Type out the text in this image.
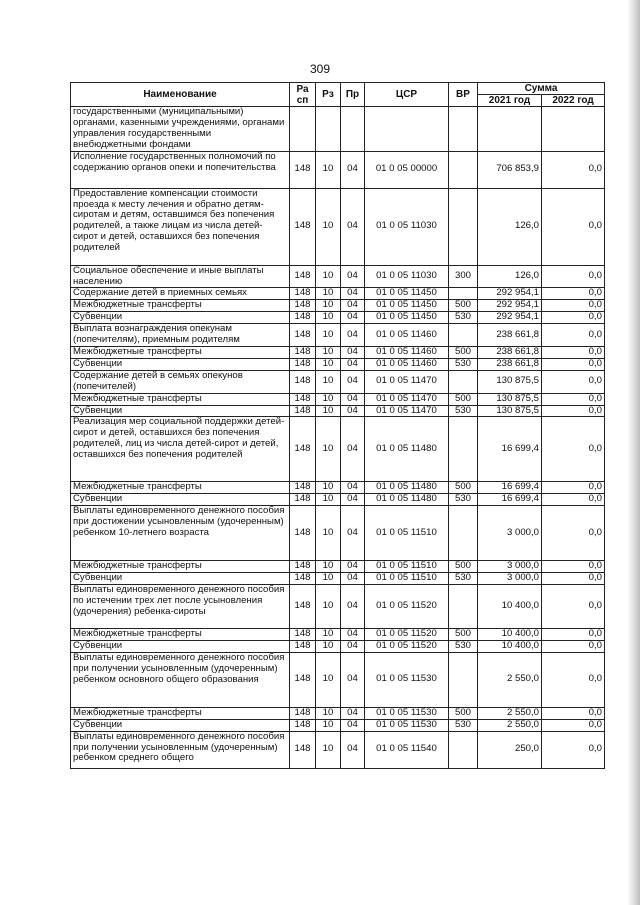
309
Наименование	Ра сп	Рз	Пр	ЦСР	ВР	Сумма	
						2021 год	2022 год
государственными (муниципальными) органами, казенными учреждениями, органами управления государственными внебюджетными фондами							
Исполнение государственных полномочий по содержанию органов опеки и попечительства	148	10	04	01 0 05 00000		706 853,9	0,0
Предоставление компенсации стоимости проезда к месту лечения и обратно детям-сиротам и детям, оставшимся без попечения родителей, а также лицам из числа детей-сирот и детей, оставшихся без попечения родителей	148	10	04	01 0 05 11030		126,0	0,0
Социальное обеспечение и иные выплаты населению	148	10	04	01 0 05 11030	300	126,0	0,0
Содержание детей в приемных семьях	148	10	04	01 0 05 11450		292 954,1	0,0
Межбюджетные трансферты	148	10	04	01 0 05 11450	500	292 954,1	0,0
Субвенции	148	10	04	01 0 05 11450	530	292 954,1	0,0
Выплата вознаграждения опекунам (попечителям), приемным родителям	148	10	04	01 0 05 11460		238 661,8	0,0
Межбюджетные трансферты	148	10	04	01 0 05 11460	500	238 661,8	0,0
Субвенции	148	10	04	01 0 05 11460	530	238 661,8	0,0
Содержание детей в семьях опекунов (попечителей)	148	10	04	01 0 05 11470		130 875,5	0,0
Межбюджетные трансферты	148	10	04	01 0 05 11470	500	130 875,5	0,0
Субвенции	148	10	04	01 0 05 11470	530	130 875,5	0,0
Реализация мер социальной поддержки детей-сирот и детей, оставшихся без попечения родителей, лиц из числа детей-сирот и детей, оставшихся без попечения родителей	148	10	04	01 0 05 11480		16 699,4	0,0
Межбюджетные трансферты	148	10	04	01 0 05 11480	500	16 699,4	0,0
Субвенции	148	10	04	01 0 05 11480	530	16 699,4	0,0
Выплаты единовременного денежного пособия при достижении усыновленным (удочеренным) ребенком 10-летнего возраста	148	10	04	01 0 05 11510		3 000,0	0,0
Межбюджетные трансферты	148	10	04	01 0 05 11510	500	3 000,0	0,0
Субвенции	148	10	04	01 0 05 11510	530	3 000,0	0,0
Выплаты единовременного денежного пособия по истечении трех лет после усыновления (удочерения) ребенка-сироты	148	10	04	01 0 05 11520		10 400,0	0,0
Межбюджетные трансферты	148	10	04	01 0 05 11520	500	10 400,0	0,0
Субвенции	148	10	04	01 0 05 11520	530	10 400,0	0,0
Выплаты единовременного денежного пособия при получении усыновленным (удочеренным) ребенком основного общего образования	148	10	04	01 0 05 11530		2 550,0	0,0
Межбюджетные трансферты	148	10	04	01 0 05 11530	500	2 550,0	0,0
Субвенции	148	10	04	01 0 05 11530	530	2 550,0	0,0
Выплаты единовременного денежного пособия при получении усыновленным (удочеренным) ребенком среднего общего	148	10	04	01 0 05 11540		250,0	0,0
